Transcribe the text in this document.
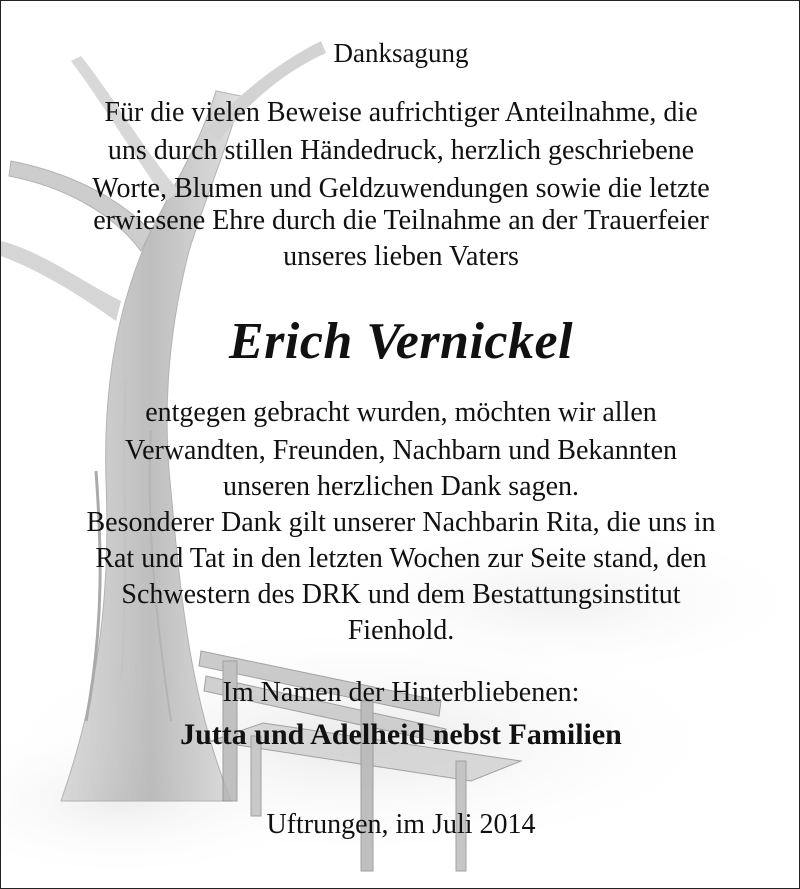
Danksagung
Für die vielen Beweise aufrichtiger Anteilnahme, die
uns durch stillen Händedruck, herzlich geschriebene
Worte, Blumen und Geldzuwendungen sowie die letzte
erwiesene Ehre durch die Teilnahme an der Trauerfeier
unseres lieben Vaters
Erich Vernickel
entgegen gebracht wurden, möchten wir allen
Verwandten, Freunden, Nachbarn und Bekannten
unseren herzlichen Dank sagen.
Besonderer Dank gilt unserer Nachbarin Rita, die uns in
Rat und Tat in den letzten Wochen zur Seite stand, den
Schwestern des DRK und dem Bestattungsinstitut
Fienhold.
Im Namen der Hinterbliebenen:
Jutta und Adelheid nebst Familien
Uftrungen, im Juli 2014
